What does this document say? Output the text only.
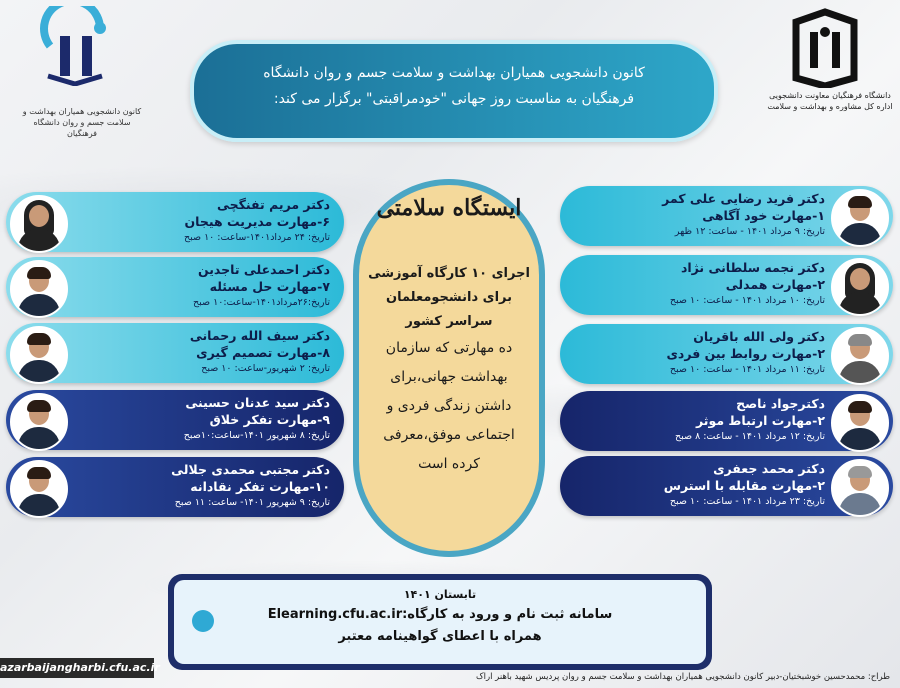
کانون دانشجویی همیاران بهداشت و سلامت جسم و روان دانشگاه فرهنگیان
دانشگاه فرهنگیان معاونت دانشجویی اداره کل مشاوره و بهداشت و سلامت
کانون دانشجویی همیاران بهداشت و سلامت جسم و روان دانشگاه
فرهنگیان به مناسبت روز جهانی "خودمراقبتی" برگزار می کند:
ایستگاه سلامتی
اجرای ۱۰ کارگاه آموزشی
برای دانشجومعلمان
سراسر کشور
ده مهارتی که سازمان
بهداشت جهانی،برای
داشتن زندگی فردی و
اجتماعی موفق،معرفی
کرده است
دکتر فرید رضایی علی کمر
۱-مهارت خود آگاهی
تاریخ: ۹ مرداد ۱۴۰۱ - ساعت: ۱۲ ظهر
دکتر نجمه سلطانی نژاد
۲-مهارت همدلی
تاریخ: ۱۰ مرداد ۱۴۰۱ - ساعت: ۱۰ صبح
دکتر ولی الله باقریان
۲-مهارت روابط بین فردی
تاریخ: ۱۱ مرداد ۱۴۰۱ - ساعت: ۱۰ صبح
دکترجواد ناصح
۲-مهارت ارتباط موثر
تاریخ: ۱۲ مرداد ۱۴۰۱ - ساعت: ۸ صبح
دکتر محمد جعفری
۲-مهارت مقابله با استرس
تاریخ: ۲۳ مرداد ۱۴۰۱ - ساعت: ۱۰ صبح
دکتر مریم تفنگچی
۶-مهارت مدیریت هیجان
تاریخ: ۲۴ مرداد۱۴۰۱-ساعت: ۱۰ صبح
دکتر احمدعلی تاجدین
۷-مهارت حل مسئله
تاریخ:۲۶مرداد۱۴۰۱-ساعت:۱۰ صبح
دکتر سیف الله رحمانی
۸-مهارت تصمیم گیری
تاریخ: ۲ شهریور-ساعت: ۱۰ صبح
دکتر سید عدنان حسینی
۹-مهارت تفکر خلاق
تاریخ: ۸ شهریور ۱۴۰۱-ساعت:۱۰صبح
دکتر مجتبی محمدی جلالی
۱۰-مهارت تفکر نقادانه
تاریخ: ۹ شهریور ۱۴۰۱- ساعت: ۱۱ صبح
تابستان ۱۴۰۱
سامانه ثبت نام و ورود به کارگاه:Elearning.cfu.ac.ir
همراه با اعطای گواهینامه معتبر
طراح: محمدحسین خوشبختیان-دبیر کانون دانشجویی همیاران بهداشت و سلامت جسم و روان پردیس شهید باهنر اراک
azarbaijangharbi.cfu.ac.ir
